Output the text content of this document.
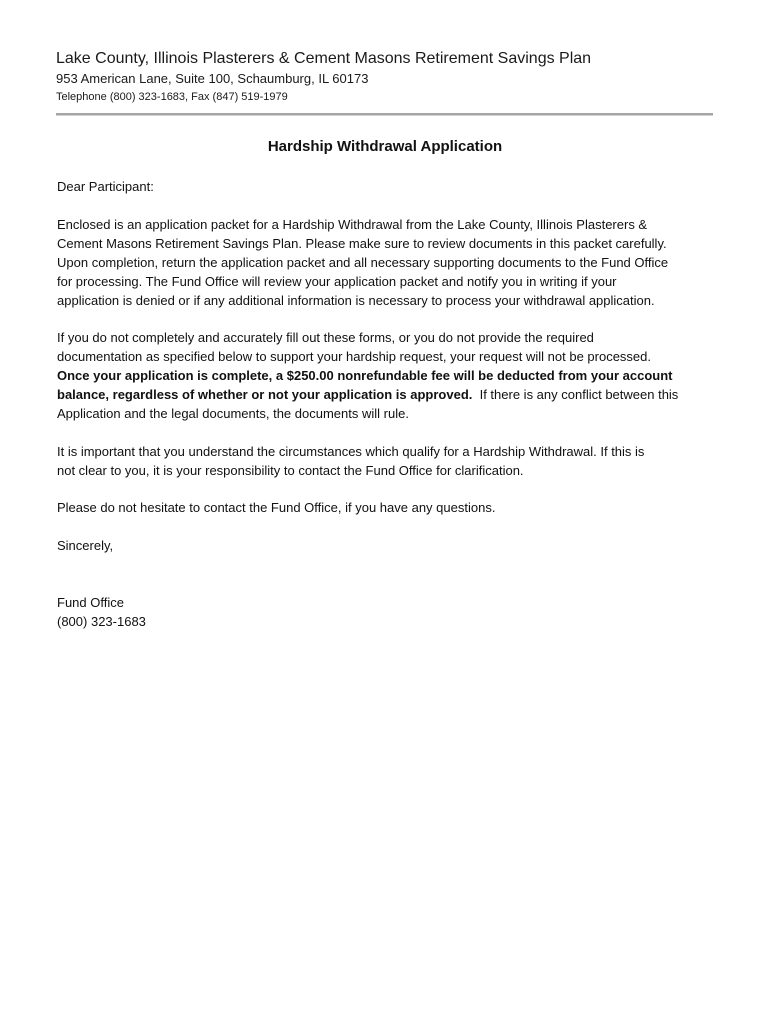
Lake County, Illinois Plasterers & Cement Masons Retirement Savings Plan
953 American Lane, Suite 100, Schaumburg, IL 60173
Telephone (800) 323-1683, Fax (847) 519-1979
Hardship Withdrawal Application

Dear Participant:

Enclosed is an application packet for a Hardship Withdrawal from the Lake County, Illinois Plasterers &
Cement Masons Retirement Savings Plan. Please make sure to review documents in this packet carefully.
Upon completion, return the application packet and all necessary supporting documents to the Fund Office
for processing. The Fund Office will review your application packet and notify you in writing if your
application is denied or if any additional information is necessary to process your withdrawal application.

If you do not completely and accurately fill out these forms, or you do not provide the required
documentation as specified below to support your hardship request, your request will not be processed.
Once your application is complete, a $250.00 nonrefundable fee will be deducted from your account
balance, regardless of whether or not your application is approved.  If there is any conflict between this
Application and the legal documents, the documents will rule.

It is important that you understand the circumstances which qualify for a Hardship Withdrawal. If this is
not clear to you, it is your responsibility to contact the Fund Office for clarification.

Please do not hesitate to contact the Fund Office, if you have any questions.

Sincerely,

Fund Office
(800) 323-1683
